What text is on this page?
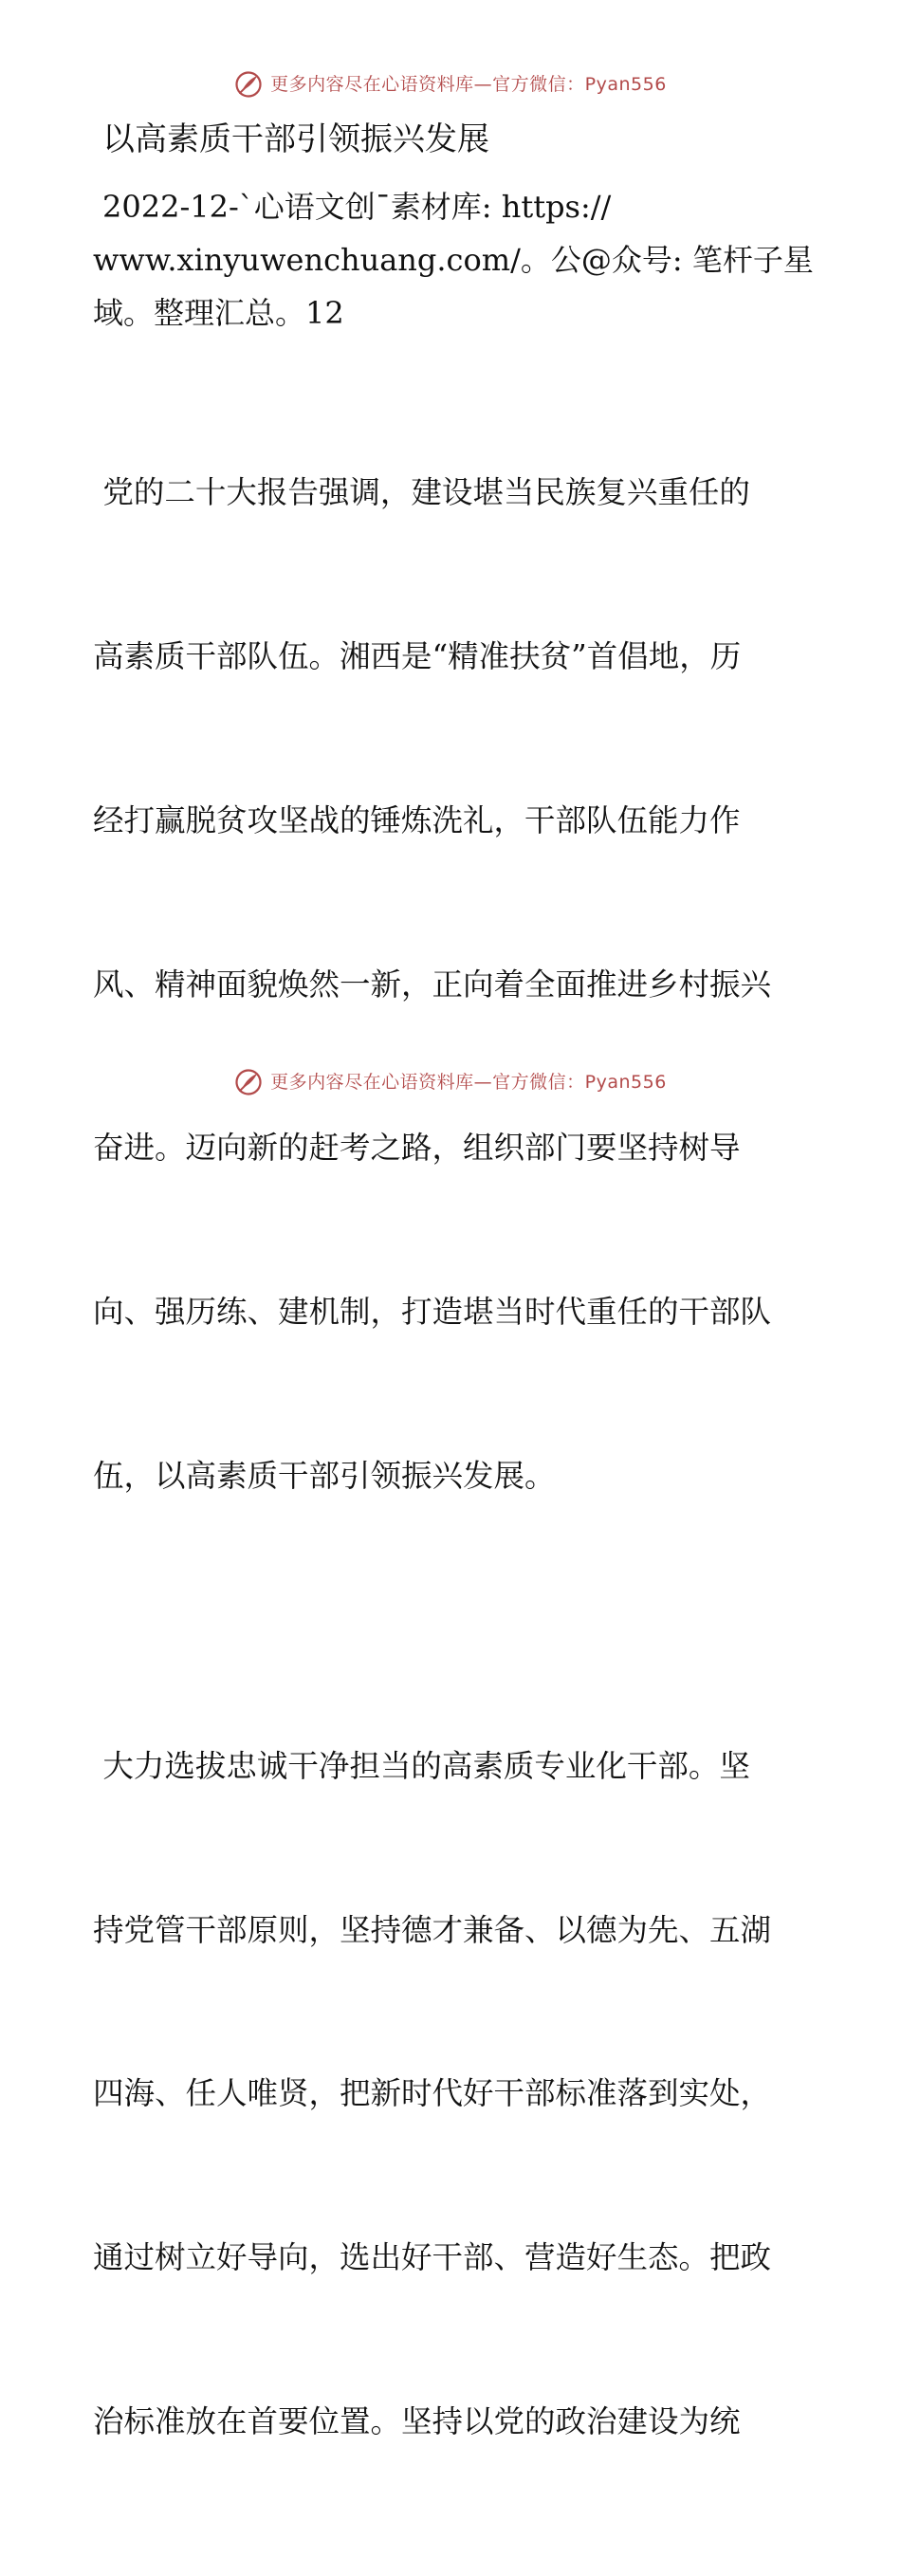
更多内容尽在心语资料库—官方微信：Pyan556
以高素质干部引领振兴发展
2022-12-`心语文创¯素材库: https://
www.xinyuwenchuang.com/。公@众号: 笔杆子星
域。整理汇总。12

党的二十大报告强调，建设堪当民族复兴重任的

高素质干部队伍。湘西是“精准扶贫”首倡地，历

经打赢脱贫攻坚战的锤炼洗礼，干部队伍能力作

风、精神面貌焕然一新，正向着全面推进乡村振兴

奋进。迈向新的赶考之路，组织部门要坚持树导

向、强历练、建机制，打造堪当时代重任的干部队

伍，以高素质干部引领振兴发展。

大力选拔忠诚干净担当的高素质专业化干部。坚

持党管干部原则，坚持德才兼备、以德为先、五湖

四海、任人唯贤，把新时代好干部标准落到实处，

通过树立好导向，选出好干部、营造好生态。把政

治标准放在首要位置。坚持以党的政治建设为统

更多内容尽在心语资料库—官方微信：Pyan556
